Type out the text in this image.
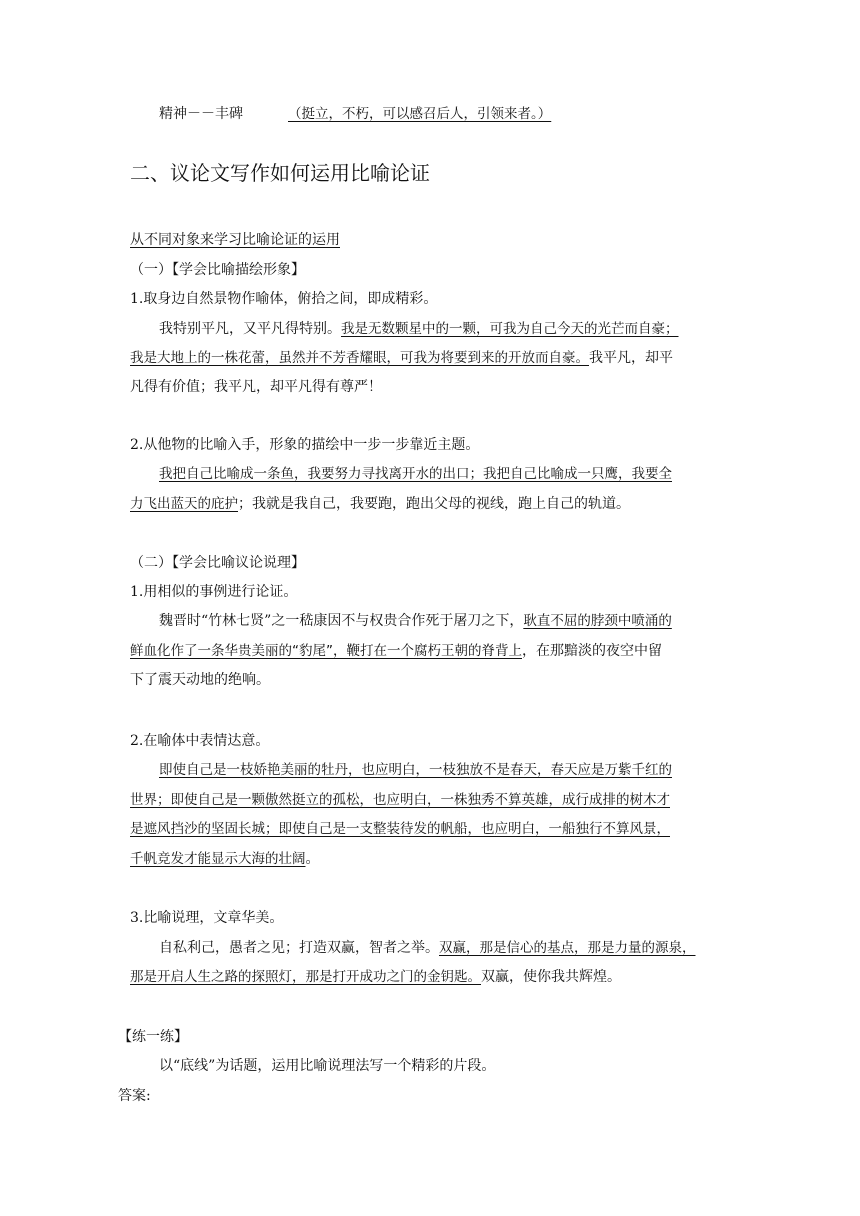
精神－－丰碑	（挺立，不朽，可以感召后人，引领来者。）
二、议论文写作如何运用比喻论证
从不同对象来学习比喻论证的运用
（一）【学会比喻描绘形象】
1.取身边自然景物作喻体，俯拾之间，即成精彩。
我特别平凡，又平凡得特别。我是无数颗星中的一颗，可我为自己今天的光芒而自豪；
我是大地上的一株花蕾，虽然并不芳香耀眼，可我为将要到来的开放而自豪。我平凡，却平
凡得有价值；我平凡，却平凡得有尊严！
2.从他物的比喻入手，形象的描绘中一步一步靠近主题。
我把自己比喻成一条鱼，我要努力寻找离开水的出口；我把自己比喻成一只鹰，我要全
力飞出蓝天的庇护；我就是我自己，我要跑，跑出父母的视线，跑上自己的轨道。
（二）【学会比喻议论说理】
1.用相似的事例进行论证。
魏晋时“竹林七贤”之一嵇康因不与权贵合作死于屠刀之下，耿直不屈的脖颈中喷涌的
鲜血化作了一条华贵美丽的“豹尾”，鞭打在一个腐朽王朝的脊背上，在那黯淡的夜空中留
下了震天动地的绝响。
2.在喻体中表情达意。
即使自己是一枝娇艳美丽的牡丹，也应明白，一枝独放不是春天，春天应是万紫千红的
世界；即使自己是一颗傲然挺立的孤松，也应明白，一株独秀不算英雄，成行成排的树木才
是遮风挡沙的坚固长城；即使自己是一支整装待发的帆船，也应明白，一船独行不算风景，
千帆竞发才能显示大海的壮阔。
3.比喻说理，文章华美。
自私利己，愚者之见；打造双赢，智者之举。双赢，那是信心的基点，那是力量的源泉，
那是开启人生之路的探照灯，那是打开成功之门的金钥匙。双赢，使你我共辉煌。
【练一练】
以“底线”为话题，运用比喻说理法写一个精彩的片段。
答案:
